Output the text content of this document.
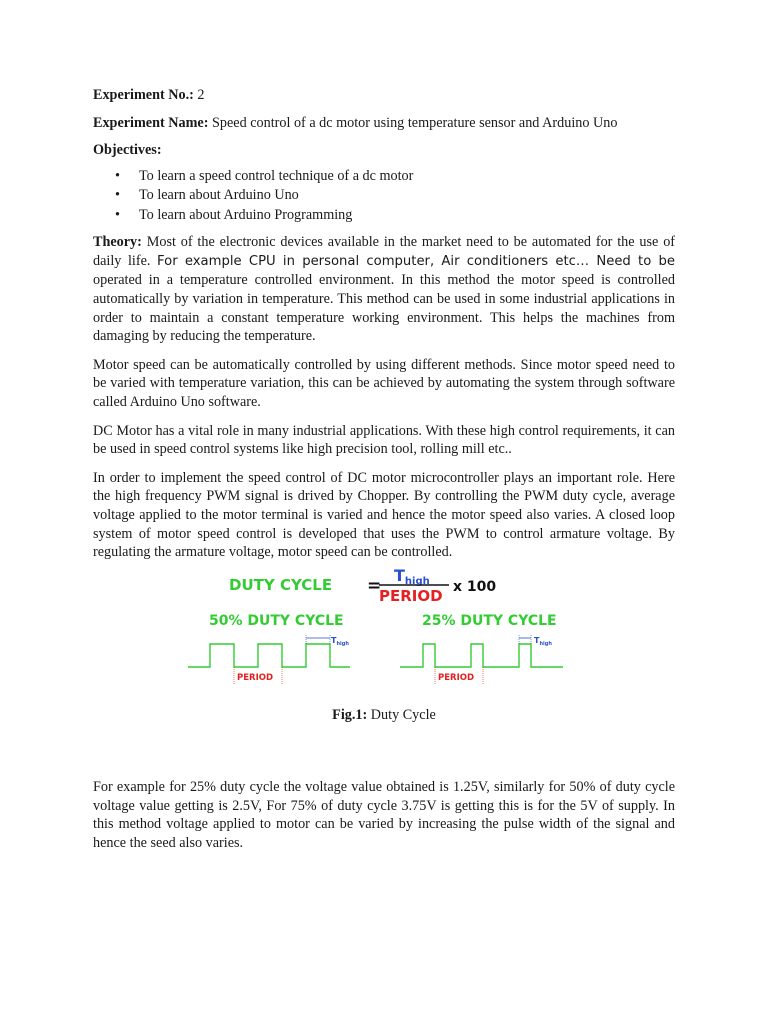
Experiment No.: 2

Experiment Name: Speed control of a dc motor using temperature sensor and Arduino Uno

Objectives:

• To learn a speed control technique of a dc motor
• To learn about Arduino Uno
• To learn about Arduino Programming

Theory: Most of the electronic devices available in the market need to be automated for the use of daily life. For example CPU in personal computer, Air conditioners etc… Need to be operated in a temperature controlled environment. In this method the motor speed is controlled automatically by variation in temperature. This method can be used in some industrial applications in order to maintain a constant temperature working environment. This helps the machines from damaging by reducing the temperature.

Motor speed can be automatically controlled by using different methods. Since motor speed need to be varied with temperature variation, this can be achieved by automating the system through software called Arduino Uno software.

DC Motor has a vital role in many industrial applications. With these high control requirements, it can be used in speed control systems like high precision tool, rolling mill etc..

In order to implement the speed control of DC motor microcontroller plays an important role. Here the high frequency PWM signal is drived by Chopper. By controlling the PWM duty cycle, average voltage applied to the motor terminal is varied and hence the motor speed also varies. A closed loop system of motor speed control is developed that uses the PWM to control armature voltage. By regulating the armature voltage, motor speed can be controlled.

DUTY CYCLE =
Thigh
PERIOD x 100
50% DUTY CYCLE	25% DUTY CYCLE
$T_{high}$
PERIOD
$T_{high}$
PERIOD
Fig.1: Duty Cycle

For example for 25% duty cycle the voltage value obtained is 1.25V, similarly for 50% of duty cycle voltage value getting is 2.5V, For 75% of duty cycle 3.75V is getting this is for the 5V of supply. In this method voltage applied to motor can be varied by increasing the pulse width of the signal and hence the seed also varies.
